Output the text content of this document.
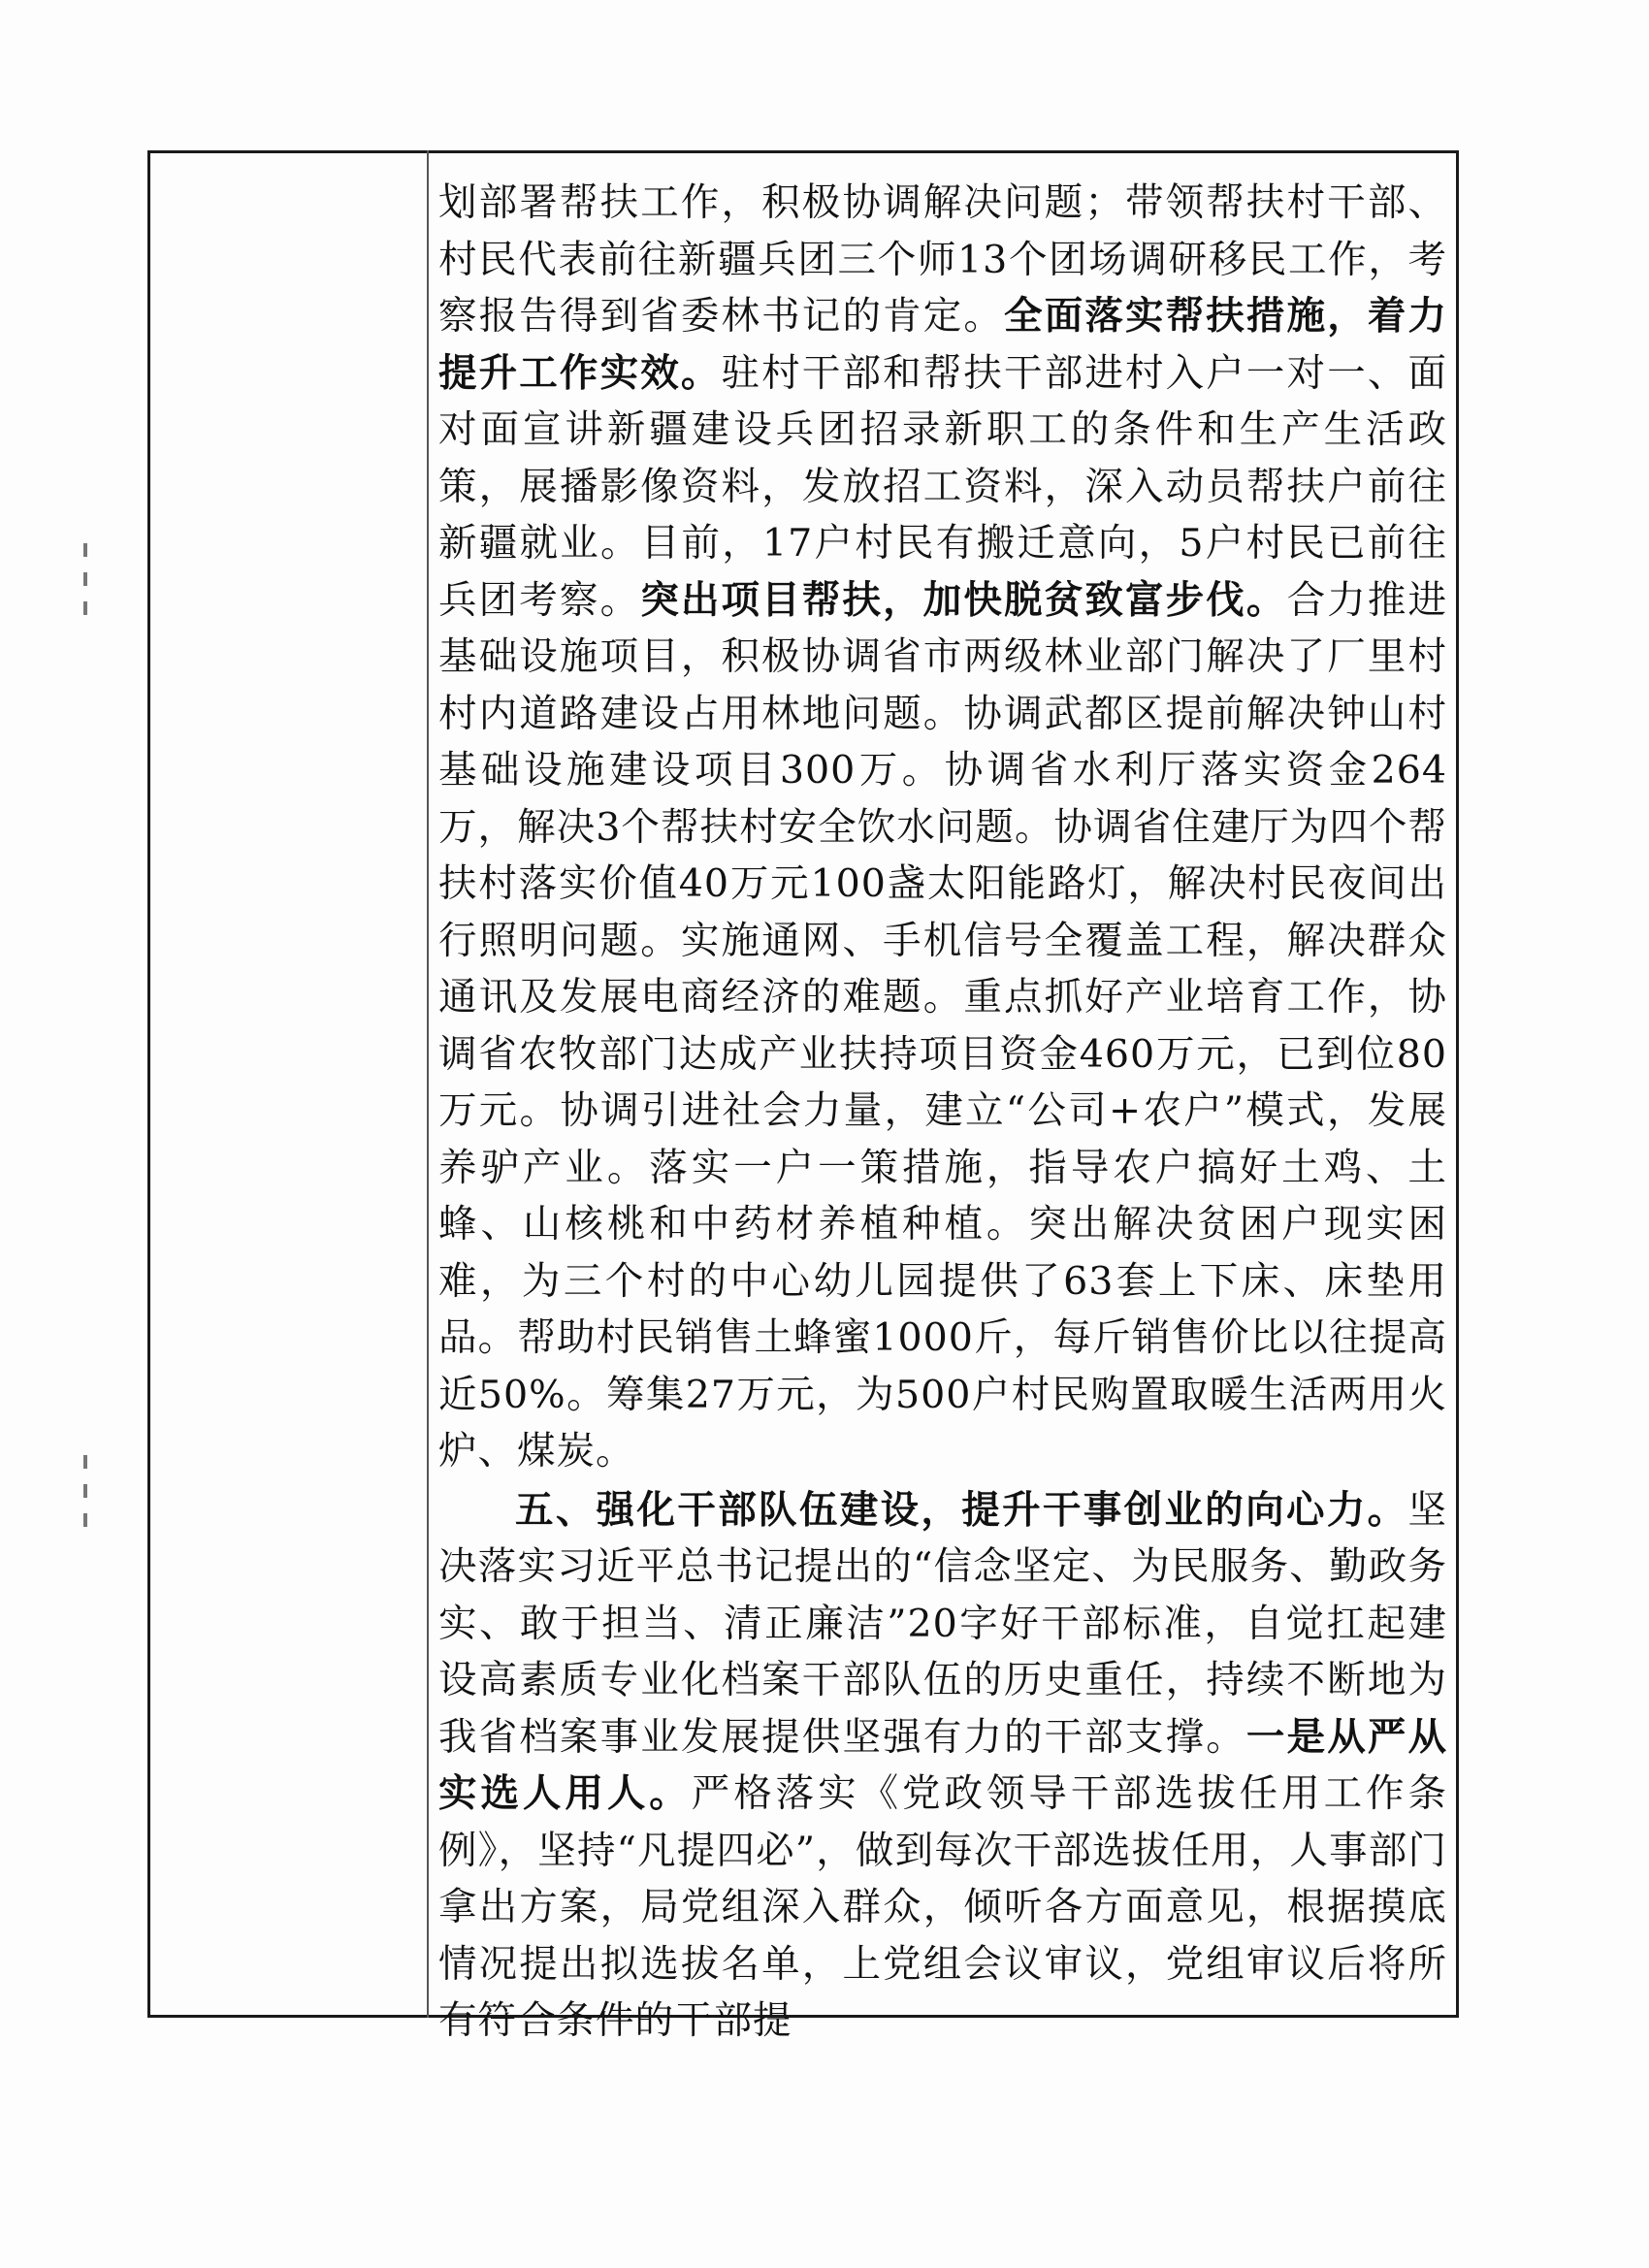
划部署帮扶工作，积极协调解决问题；带领帮扶村干部、村民代表前往新疆兵团三个师13个团场调研移民工作，考察报告得到省委林书记的肯定。全面落实帮扶措施，着力提升工作实效。驻村干部和帮扶干部进村入户一对一、面对面宣讲新疆建设兵团招录新职工的条件和生产生活政策，展播影像资料，发放招工资料，深入动员帮扶户前往新疆就业。目前，17户村民有搬迁意向，5户村民已前往兵团考察。突出项目帮扶，加快脱贫致富步伐。合力推进基础设施项目，积极协调省市两级林业部门解决了厂里村村内道路建设占用林地问题。协调武都区提前解决钟山村基础设施建设项目300万。协调省水利厅落实资金264万，解决3个帮扶村安全饮水问题。协调省住建厅为四个帮扶村落实价值40万元100盏太阳能路灯，解决村民夜间出行照明问题。实施通网、手机信号全覆盖工程，解决群众通讯及发展电商经济的难题。重点抓好产业培育工作，协调省农牧部门达成产业扶持项目资金460万元，已到位80万元。协调引进社会力量，建立“公司+农户”模式，发展养驴产业。落实一户一策措施，指导农户搞好土鸡、土蜂、山核桃和中药材养植种植。突出解决贫困户现实困难，为三个村的中心幼儿园提供了63套上下床、床垫用品。帮助村民销售土蜂蜜1000斤，每斤销售价比以往提高近50%。筹集27万元，为500户村民购置取暖生活两用火炉、煤炭。

五、强化干部队伍建设，提升干事创业的向心力。坚决落实习近平总书记提出的“信念坚定、为民服务、勤政务实、敢于担当、清正廉洁”20字好干部标准，自觉扛起建设高素质专业化档案干部队伍的历史重任，持续不断地为我省档案事业发展提供坚强有力的干部支撑。一是从严从实选人用人。严格落实《党政领导干部选拔任用工作条例》，坚持“凡提四必”，做到每次干部选拔任用，人事部门拿出方案，局党组深入群众，倾听各方面意见，根据摸底情况提出拟选拔名单，上党组会议审议，党组审议后将所有符合条件的干部提
